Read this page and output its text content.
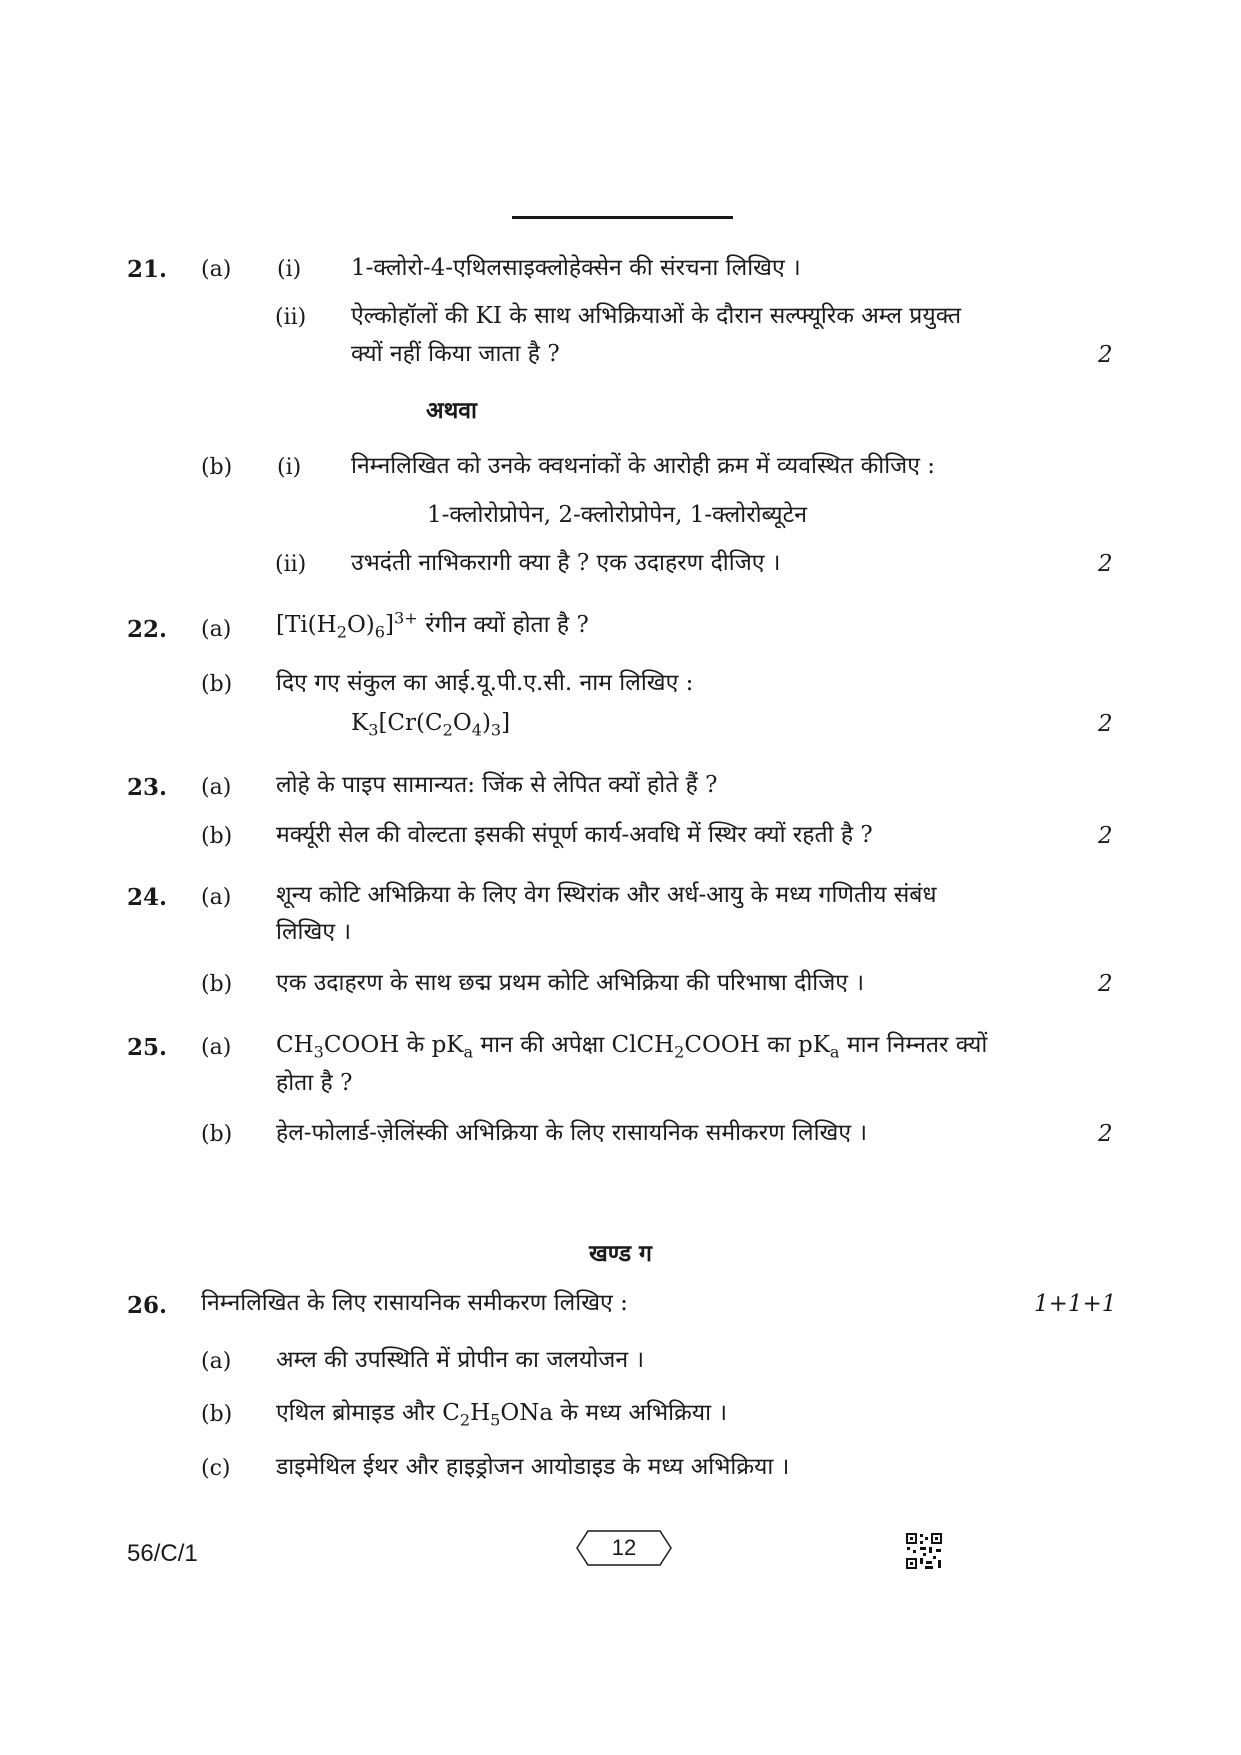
21. (a) (i) 1-क्लोरो-4-एथिलसाइक्लोहेक्सेन की संरचना लिखिए ।
(ii) ऐल्कोहॉलों की KI के साथ अभिक्रियाओं के दौरान सल्फ्यूरिक अम्ल प्रयुक्त
क्यों नहीं किया जाता है ?	2
अथवा
(b) (i) निम्नलिखित को उनके क्वथनांकों के आरोही क्रम में व्यवस्थित कीजिए :
1-क्लोरोप्रोपेन, 2-क्लोरोप्रोपेन, 1-क्लोरोब्यूटेन
(ii) उभदंती नाभिकरागी क्या है ? एक उदाहरण दीजिए ।	2
22. (a) $[Ti(H_2O)_6]^{3+}$ रंगीन क्यों होता है ?
(b) दिए गए संकुल का आई.यू.पी.ए.सी. नाम लिखिए :
$K_3[Cr(C_2O_4)_3]$	2
23. (a) लोहे के पाइप सामान्यत: जिंक से लेपित क्यों होते हैं ?
(b) मर्क्यूरी सेल की वोल्टता इसकी संपूर्ण कार्य-अवधि में स्थिर क्यों रहती है ?	2
24. (a) शून्य कोटि अभिक्रिया के लिए वेग स्थिरांक और अर्ध-आयु के मध्य गणितीय संबंध
लिखिए ।
(b) एक उदाहरण के साथ छद्म प्रथम कोटि अभिक्रिया की परिभाषा दीजिए ।	2
25. (a) $CH_3COOH$ के $pK_a$ मान की अपेक्षा ClCH$_2$COOH का $pK_a$ मान निम्नतर क्यों
होता है ?
(b) हेल-फोलार्ड-ज़ेलिंस्की अभिक्रिया के लिए रासायनिक समीकरण लिखिए ।	2
खण्ड ग
26. निम्नलिखित के लिए रासायनिक समीकरण लिखिए :	1+1+1
(a) अम्ल की उपस्थिति में प्रोपीन का जलयोजन ।
(b) एथिल ब्रोमाइड और $C_2H_5ONa$ के मध्य अभिक्रिया ।
(c) डाइमेथिल ईथर और हाइड्रोजन आयोडाइड के मध्य अभिक्रिया ।
56/C/1	12
